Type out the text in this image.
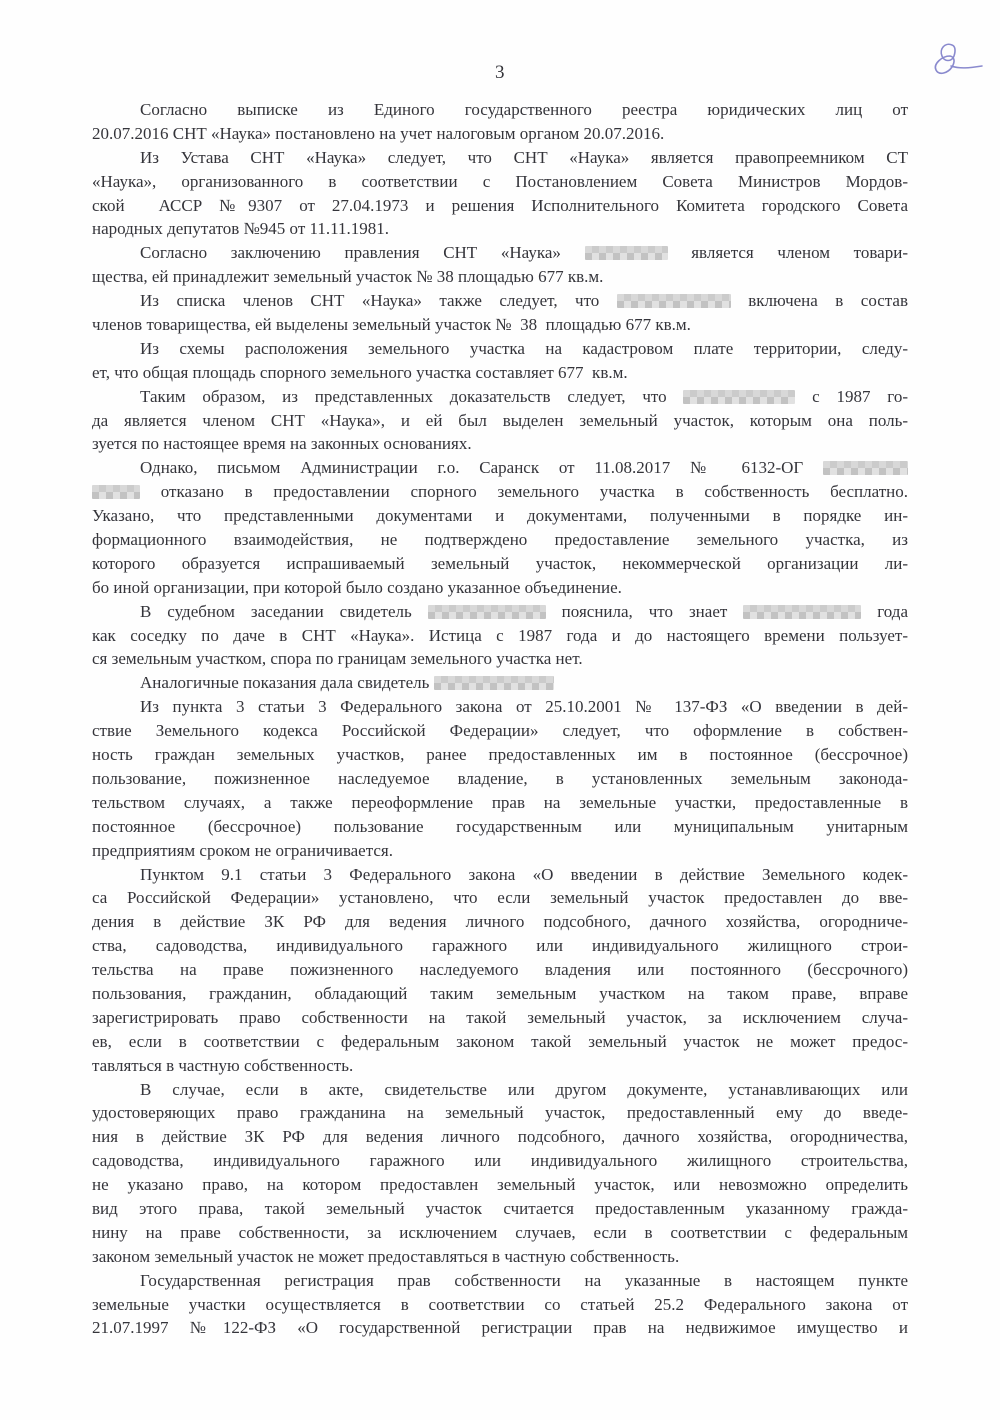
3
Согласно  выписке  из  Единого  государственного  реестра  юридических  лиц  от
20.07.2016 СНТ «Наука» постановлено на учет налоговым органом 20.07.2016.
Из Устава СНТ «Наука» следует, что СНТ «Наука» является правопреемником СТ
«Наука», организованного в соответствии с Постановлением Совета Министров Мордов-
ской  АССР №9307 от 27.04.1973 и решения Исполнительного Комитета городского Совета
народных депутатов №945 от 11.11.1981.
Согласно заключению правления СНТ «Наука»	является членом товари-
щества, ей принадлежит земельный участок № 38 площадью 677 кв.м.
Из списка членов СНТ «Наука» также следует, что	включена в состав
членов товарищества, ей выделены земельный участок №  38  площадью 677 кв.м.
Из схемы расположения земельного участка на кадастровом плате территории, следу-
ет, что общая площадь спорного земельного участка составляет 677  кв.м.
Таким образом, из представленных доказательств следует, что	с 1987 го-
да является членом СНТ «Наука», и ей был выделен земельный участок, которым она поль-
зуется по настоящее время на законных основаниях.
Однако, письмом Администрации г.о. Саранск от 11.08.2017 № 6132-ОГ
отказано в предоставлении спорного земельного участка в собственность бесплатно.
Указано, что представленными документами и документами, полученными в порядке ин-
формационного взаимодействия, не подтверждено предоставление земельного участка, из
которого образуется испрашиваемый земельный участок, некоммерческой организации ли-
бо иной организации, при которой было создано указанное объединение.
В судебном заседании свидетель	пояснила, что знает	года
как соседку по даче в СНТ «Наука». Истица с 1987 года и до настоящего времени пользует-
ся земельным участком, спора по границам земельного участка нет.
Аналогичные показания дала свидетель
Из пункта 3 статьи 3 Федерального закона от 25.10.2001 № 137-ФЗ «О введении в дей-
ствие Земельного кодекса Российской Федерации» следует, что оформление в собствен-
ность граждан земельных участков, ранее предоставленных им в постоянное (бессрочное)
пользование, пожизненное наследуемое владение, в установленных земельным законода-
тельством случаях, а также переоформление прав на земельные участки, предоставленные в
постоянное (бессрочное) пользование государственным или муниципальным унитарным
предприятиям сроком не ограничивается.
Пунктом 9.1 статьи 3 Федерального закона «О введении в действие Земельного кодек-
са Российской Федерации» установлено, что если земельный участок предоставлен до вве-
дения в действие ЗК РФ для ведения личного подсобного, дачного хозяйства, огородниче-
ства, садоводства, индивидуального гаражного или индивидуального жилищного строи-
тельства на праве пожизненного наследуемого владения или постоянного (бессрочного)
пользования, гражданин, обладающий таким земельным участком на таком праве, вправе
зарегистрировать право собственности на такой земельный участок, за исключением случа-
ев, если в соответствии с федеральным законом такой земельный участок не может предос-
тавляться в частную собственность.
В случае, если в акте, свидетельстве или другом документе, устанавливающих или
удостоверяющих право гражданина на земельный участок, предоставленный ему до введе-
ния в действие ЗК РФ для ведения личного подсобного, дачного хозяйства, огородничества,
садоводства, индивидуального гаражного или индивидуального жилищного строительства,
не указано право, на котором предоставлен земельный участок, или невозможно определить
вид этого права, такой земельный участок считается предоставленным указанному гражда-
нину на праве собственности, за исключением случаев, если в соответствии с федеральным
законом земельный участок не может предоставляться в частную собственность.
Государственная регистрация прав собственности на указанные в настоящем пункте
земельные участки осуществляется в соответствии со статьей 25.2 Федерального закона от
21.07.1997 №122-ФЗ «О государственной регистрации прав на недвижимое имущество и
